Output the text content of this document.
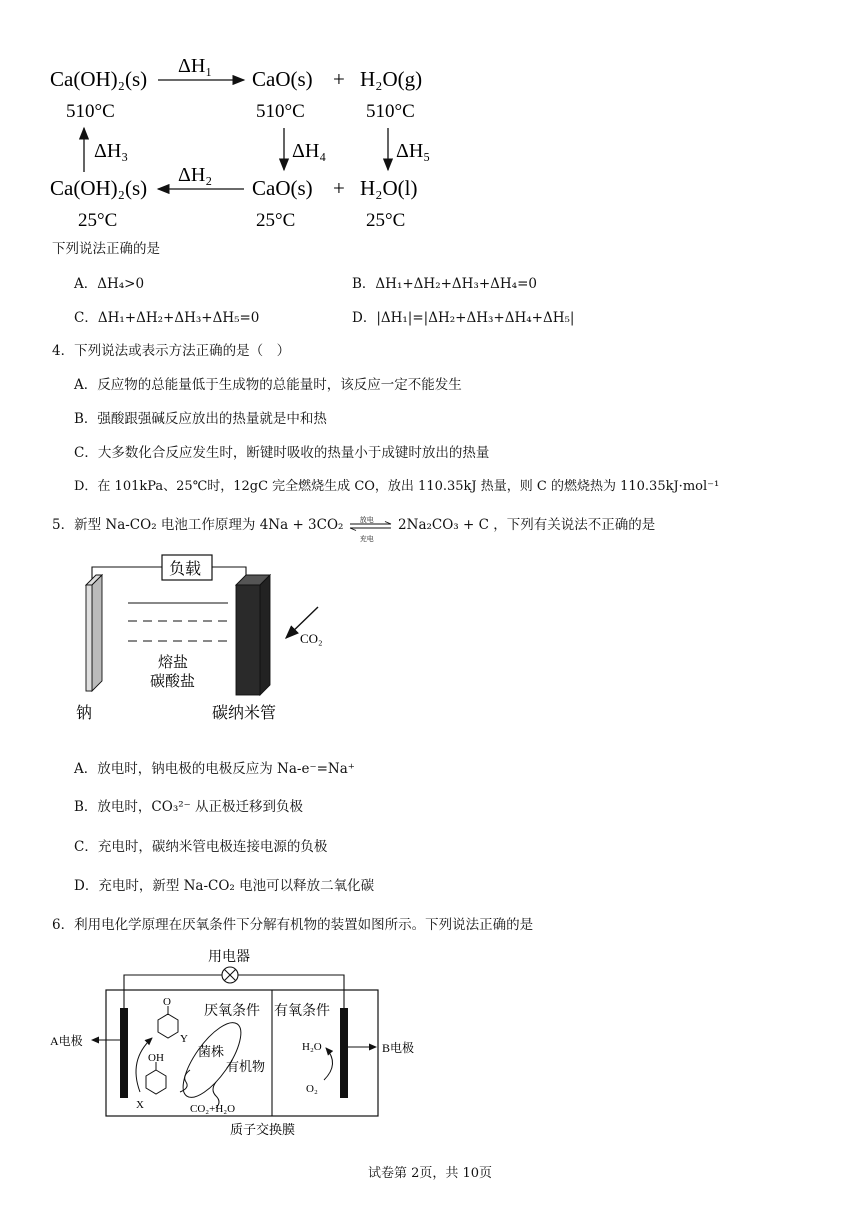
Ca(OH)₂(s)
ΔH₁
CaO(s) + H₂O(g)
510°C	510°C	510°C
ΔH₃	ΔH₄	ΔH₅
Ca(OH)₂(s)
ΔH₂
CaO(s) + H₂O(l)
25°C	25°C	25°C
下列说法正确的是
A．ΔH₄>0	B．ΔH₁+ΔH₂+ΔH₃+ΔH₄=0
C．ΔH₁+ΔH₂+ΔH₃+ΔH₅=0	D．|ΔH₁|=|ΔH₂+ΔH₃+ΔH₄+ΔH₅|
4．下列说法或表示方法正确的是（　）
A．反应物的总能量低于生成物的总能量时，该反应一定不能发生
B．强酸跟强碱反应放出的热量就是中和热
C．大多数化合反应发生时，断键时吸收的热量小于成键时放出的热量
D．在 101kPa、25℃时，12gC 完全燃烧生成 CO，放出 110.35kJ 热量，则 C 的燃烧热为 110.35kJ·mol⁻¹
5．新型 Na-CO₂ 电池工作原理为 4Na + 3CO₂ 放电
充电
2Na₂CO₃ + C ，下列有关说法不正确的是
负载
熔盐
碳酸盐
CO₂
钠	碳纳米管
A．放电时，钠电极的电极反应为 Na-e⁻=Na⁺
B．放电时，CO₃²⁻ 从正极迁移到负极
C．充电时，碳纳米管电极连接电源的负极
D．充电时，新型 Na-CO₂ 电池可以释放二氧化碳
6．利用电化学原理在厌氧条件下分解有机物的装置如图所示。下列说法正确的是
用电器
A电极	B电极
厌氧条件 有氧条件
O
Y
OH
X
菌株
有机物
CO₂+H₂O
H₂O
O₂
质子交换膜
试卷第 2页，共 10页
